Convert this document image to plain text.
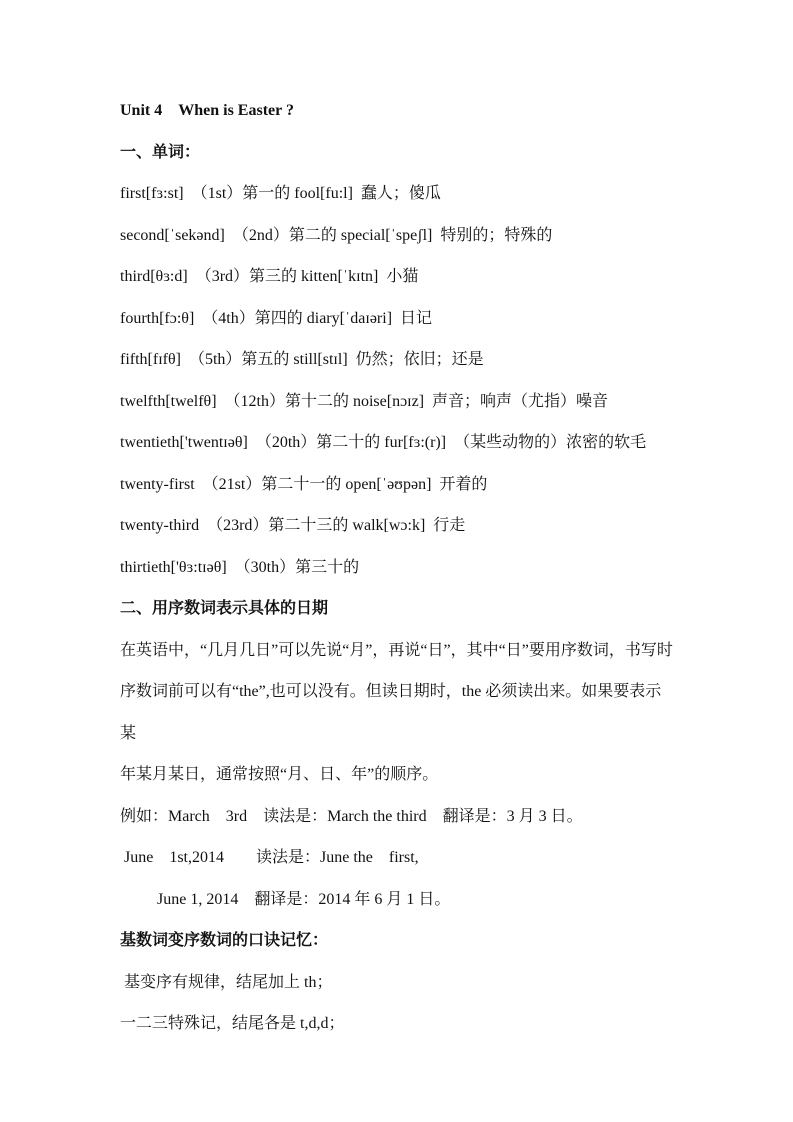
Unit 4　When is Easter ?

一、单词：

first[fɜ:st]　（1st）第一的 fool[fu:l]  蠢人；傻瓜

second[ˈsekənd]　（2nd）第二的 special[ˈspeʃl]  特别的；特殊的

third[θɜ:d]　（3rd）第三的 kitten[ˈkɪtn]  小猫

fourth[fɔ:θ]　（4th）第四的 diary[ˈdaɪəri]  日记

fifth[fɪfθ]　（5th）第五的 still[stɪl]  仍然；依旧；还是

twelfth[twelfθ]　（12th）第十二的 noise[nɔɪz]  声音；响声（尤指）噪音

twentieth['twentɪəθ]　（20th）第二十的 fur[fɜ:(r)]　（某些动物的）浓密的软毛

twenty-first　（21st）第二十一的 open[ˈəʊpən]  开着的

twenty-third　（23rd）第二十三的 walk[wɔ:k]  行走

thirtieth['θɜ:tɪəθ]　（30th）第三十的

二、用序数词表示具体的日期

在英语中，“几月几日”可以先说“月”，再说“日”，其中“日”要用序数词，书写时

序数词前可以有“the”,也可以没有。但读日期时，the 必须读出来。如果要表示某

年某月某日，通常按照“月、日、年”的顺序。

例如：March　3rd　读法是：March the third　翻译是：3 月 3 日。

June　1st,2014　　读法是：June the　first,

June 1, 2014　翻译是：2014 年 6 月 1 日。

基数词变序数词的口诀记忆：

基变序有规律，结尾加上 th；

一二三特殊记，结尾各是 t,d,d；
